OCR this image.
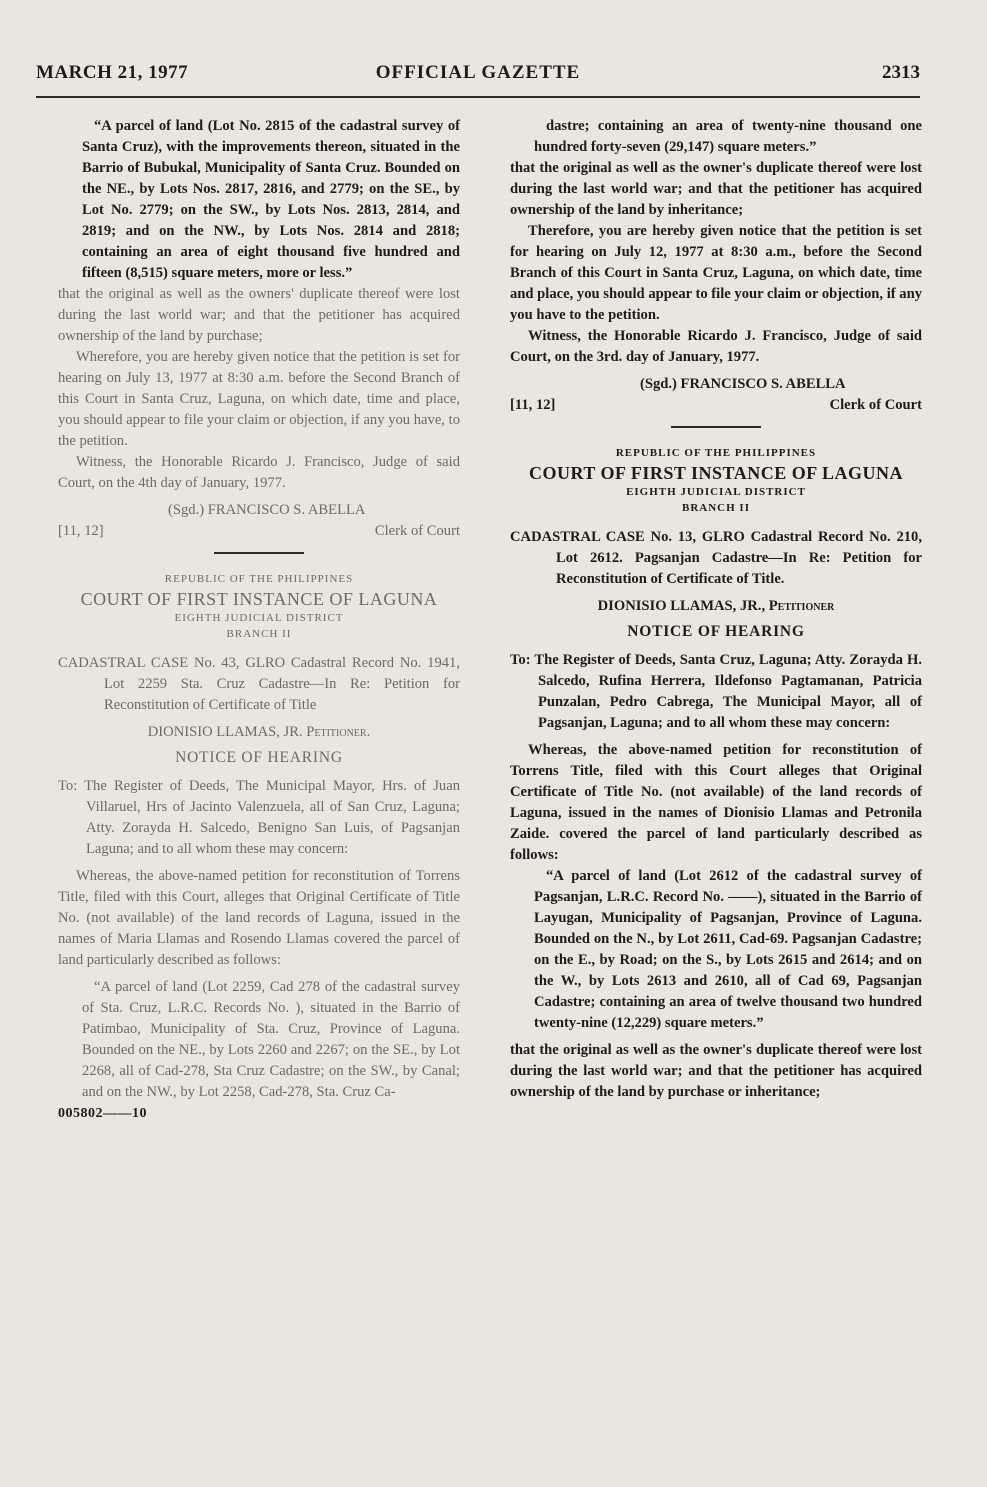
MARCH 21, 1977	OFFICIAL GAZETTE	2313

“A parcel of land (Lot No. 2815 of the cadastral survey of Santa Cruz), with the improvements thereon, situated in the Barrio of Bubukal, Municipality of Santa Cruz. Bounded on the NE., by Lots Nos. 2817, 2816, and 2779; on the SE., by Lot No. 2779; on the SW., by Lots Nos. 2813, 2814, and 2819; and on the NW., by Lots Nos. 2814 and 2818; containing an area of eight thousand five hundred and fifteen (8,515) square meters, more or less.”

that the original as well as the owners' duplicate thereof were lost during the last world war; and that the petitioner has acquired ownership of the land by purchase;

Wherefore, you are hereby given notice that the petition is set for hearing on July 13, 1977 at 8:30 a.m. before the Second Branch of this Court in Santa Cruz, Laguna, on which date, time and place, you should appear to file your claim or objection, if any you have, to the petition.

Witness, the Honorable Ricardo J. Francisco, Judge of said Court, on the 4th day of January, 1977.

(Sgd.) FRANCISCO S. ABELLA
[11, 12]	Clerk of Court
REPUBLIC OF THE PHILIPPINES
COURT OF FIRST INSTANCE OF LAGUNA
EIGHTH JUDICIAL DISTRICT
BRANCH II

CADASTRAL CASE No. 43, GLRO Cadastral Record No. 1941, Lot 2259 Sta. Cruz Cadastre—In Re: Petition for Reconstitution of Certificate of Title

DIONISIO LLAMAS, JR. Petitioner.
NOTICE OF HEARING

To: The Register of Deeds, The Municipal Mayor, Hrs. of Juan Villaruel, Hrs of Jacinto Valenzuela, all of San Cruz, Laguna; Atty. Zorayda H. Salcedo, Benigno San Luis, of Pagsanjan Laguna; and to all whom these may concern:

Whereas, the above-named petition for reconstitution of Torrens Title, filed with this Court, alleges that Original Certificate of Title No. (not available) of the land records of Laguna, issued in the names of Maria Llamas and Rosendo Llamas covered the parcel of land particularly described as follows:

“A parcel of land (Lot 2259, Cad 278 of the cadastral survey of Sta. Cruz, L.R.C. Records No. ), situated in the Barrio of Patimbao, Municipality of Sta. Cruz, Province of Laguna. Bounded on the NE., by Lots 2260 and 2267; on the SE., by Lot 2268, all of Cad-278, Sta Cruz Cadastre; on the SW., by Canal; and on the NW., by Lot 2258, Cad-278, Sta. Cruz Ca-

005802——10

dastre; containing an area of twenty-nine thousand one hundred forty-seven (29,147) square meters.”

that the original as well as the owner's duplicate thereof were lost during the last world war; and that the petitioner has acquired ownership of the land by inheritance;

Therefore, you are hereby given notice that the petition is set for hearing on July 12, 1977 at 8:30 a.m., before the Second Branch of this Court in Santa Cruz, Laguna, on which date, time and place, you should appear to file your claim or objection, if any you have to the petition.

Witness, the Honorable Ricardo J. Francisco, Judge of said Court, on the 3rd. day of January, 1977.

(Sgd.) FRANCISCO S. ABELLA
[11, 12]	Clerk of Court
REPUBLIC OF THE PHILIPPINES
COURT OF FIRST INSTANCE OF LAGUNA
EIGHTH JUDICIAL DISTRICT
BRANCH II

CADASTRAL CASE No. 13, GLRO Cadastral Record No. 210, Lot 2612. Pagsanjan Cadastre—In Re: Petition for Reconstitution of Certificate of Title.

DIONISIO LLAMAS, JR., Petitioner
NOTICE OF HEARING

To: The Register of Deeds, Santa Cruz, Laguna; Atty. Zorayda H. Salcedo, Rufina Herrera, Ildefonso Pagtamanan, Patricia Punzalan, Pedro Cabrega, The Municipal Mayor, all of Pagsanjan, Laguna; and to all whom these may concern:

Whereas, the above-named petition for reconstitution of Torrens Title, filed with this Court alleges that Original Certificate of Title No. (not available) of the land records of Laguna, issued in the names of Dionisio Llamas and Petronila Zaide. covered the parcel of land particularly described as follows:

“A parcel of land (Lot 2612 of the cadastral survey of Pagsanjan, L.R.C. Record No. ——), situated in the Barrio of Layugan, Municipality of Pagsanjan, Province of Laguna. Bounded on the N., by Lot 2611, Cad-69. Pagsanjan Cadastre; on the E., by Road; on the S., by Lots 2615 and 2614; and on the W., by Lots 2613 and 2610, all of Cad 69, Pagsanjan Cadastre; containing an area of twelve thousand two hundred twenty-nine (12,229) square meters.”

that the original as well as the owner's duplicate thereof were lost during the last world war; and that the petitioner has acquired ownership of the land by purchase or inheritance;
